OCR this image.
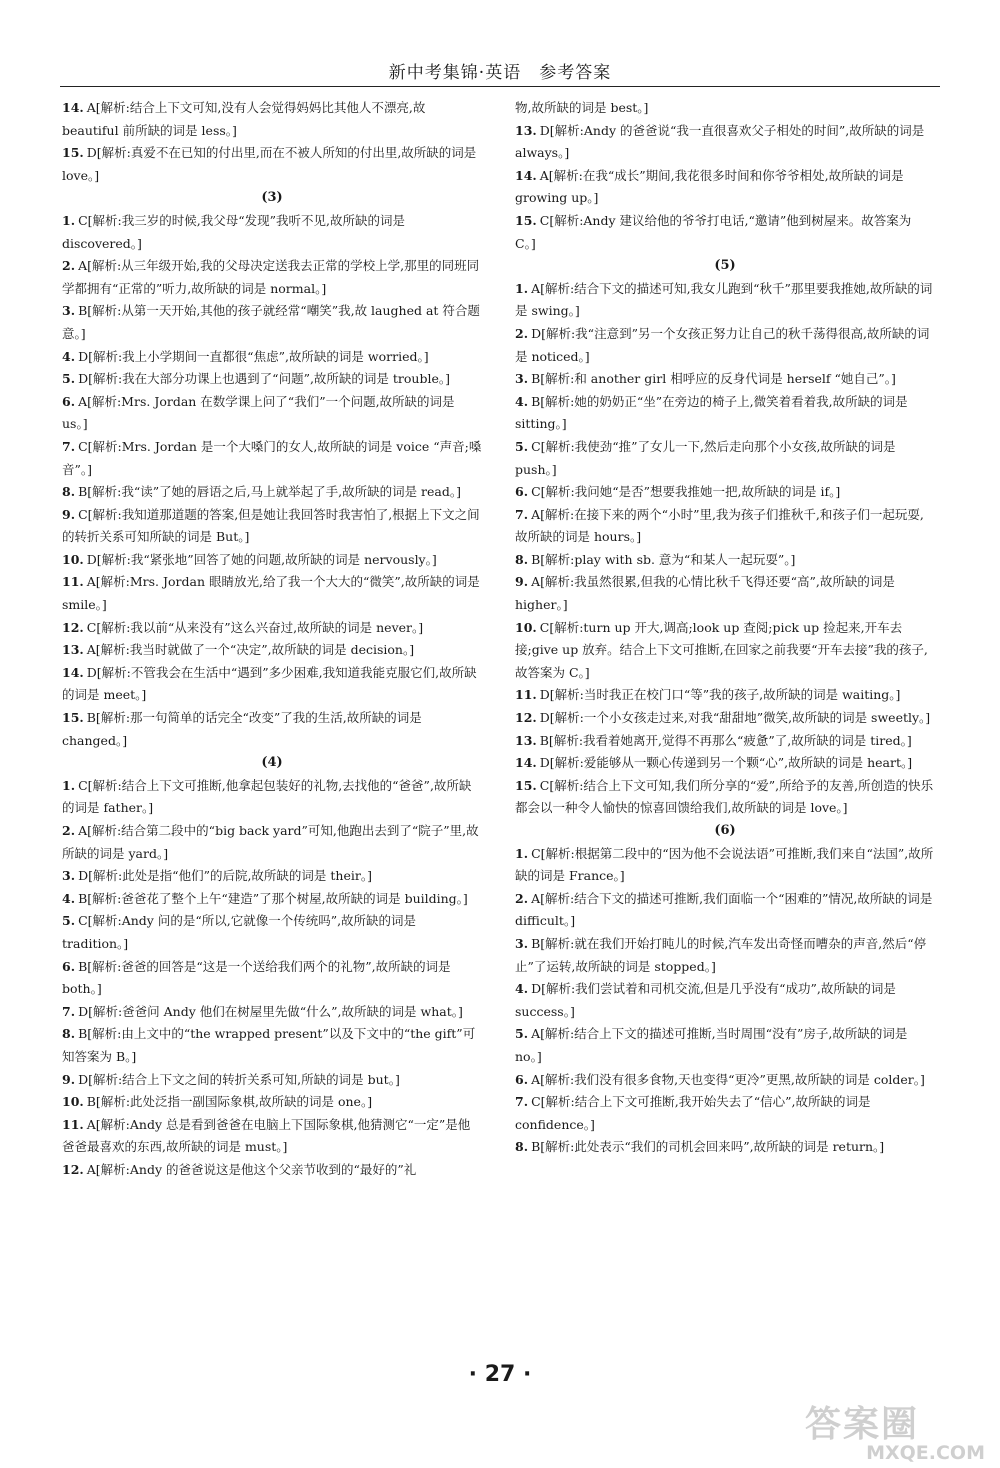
新中考集锦·英语　参考答案

14. A[解析:结合上下文可知,没有人会觉得妈妈比其他人不漂亮,故 beautiful 前所缺的词是 less。]

15. D[解析:真爱不在已知的付出里,而在不被人所知的付出里,故所缺的词是 love。]

(3)

1. C[解析:我三岁的时候,我父母“发现”我听不见,故所缺的词是 discovered。]

2. A[解析:从三年级开始,我的父母决定送我去正常的学校上学,那里的同班同学都拥有“正常的”听力,故所缺的词是 normal。]

3. B[解析:从第一天开始,其他的孩子就经常“嘲笑”我,故 laughed at 符合题意。]

4. D[解析:我上小学期间一直都很“焦虑”,故所缺的词是 worried。]

5. D[解析:我在大部分功课上也遇到了“问题”,故所缺的词是 trouble。]

6. A[解析:Mrs. Jordan 在数学课上问了“我们”一个问题,故所缺的词是 us。]

7. C[解析:Mrs. Jordan 是一个大嗓门的女人,故所缺的词是 voice “声音;嗓音”。]

8. B[解析:我“读”了她的唇语之后,马上就举起了手,故所缺的词是 read。]

9. C[解析:我知道那道题的答案,但是她让我回答时我害怕了,根据上下文之间的转折关系可知所缺的词是 But。]

10. D[解析:我“紧张地”回答了她的问题,故所缺的词是 nervously。]

11. A[解析:Mrs. Jordan 眼睛放光,给了我一个大大的“微笑”,故所缺的词是 smile。]

12. C[解析:我以前“从来没有”这么兴奋过,故所缺的词是 never。]

13. A[解析:我当时就做了一个“决定”,故所缺的词是 decision。]

14. D[解析:不管我会在生活中“遇到”多少困难,我知道我能克服它们,故所缺的词是 meet。]

15. B[解析:那一句简单的话完全“改变”了我的生活,故所缺的词是 changed。]

(4)

1. C[解析:结合上下文可推断,他拿起包装好的礼物,去找他的“爸爸”,故所缺的词是 father。]

2. A[解析:结合第二段中的“big back yard”可知,他跑出去到了“院子”里,故所缺的词是 yard。]

3. D[解析:此处是指“他们”的后院,故所缺的词是 their。]

4. B[解析:爸爸花了整个上午“建造”了那个树屋,故所缺的词是 building。]

5. C[解析:Andy 问的是“所以,它就像一个传统吗”,故所缺的词是 tradition。]

6. B[解析:爸爸的回答是“这是一个送给我们两个的礼物”,故所缺的词是 both。]

7. D[解析:爸爸问 Andy 他们在树屋里先做“什么”,故所缺的词是 what。]

8. B[解析:由上文中的“the wrapped present”以及下文中的“the gift”可知答案为 B。]

9. D[解析:结合上下文之间的转折关系可知,所缺的词是 but。]

10. B[解析:此处泛指一副国际象棋,故所缺的词是 one。]

11. A[解析:Andy 总是看到爸爸在电脑上下国际象棋,他猜测它“一定”是他爸爸最喜欢的东西,故所缺的词是 must。]

12. A[解析:Andy 的爸爸说这是他这个父亲节收到的“最好的”礼

物,故所缺的词是 best。]

13. D[解析:Andy 的爸爸说“我一直很喜欢父子相处的时间”,故所缺的词是 always。]

14. A[解析:在我“成长”期间,我花很多时间和你爷爷相处,故所缺的词是 growing up。]

15. C[解析:Andy 建议给他的爷爷打电话,“邀请”他到树屋来。故答案为 C。]

(5)

1. A[解析:结合下文的描述可知,我女儿跑到“秋千”那里要我推她,故所缺的词是 swing。]

2. D[解析:我“注意到”另一个女孩正努力让自己的秋千荡得很高,故所缺的词是 noticed。]

3. B[解析:和 another girl 相呼应的反身代词是 herself “她自己”。]

4. B[解析:她的奶奶正“坐”在旁边的椅子上,微笑着看着我,故所缺的词是 sitting。]

5. C[解析:我使劲“推”了女儿一下,然后走向那个小女孩,故所缺的词是 push。]

6. C[解析:我问她“是否”想要我推她一把,故所缺的词是 if。]

7. A[解析:在接下来的两个“小时”里,我为孩子们推秋千,和孩子们一起玩耍,故所缺的词是 hours。]

8. B[解析:play with sb. 意为“和某人一起玩耍”。]

9. A[解析:我虽然很累,但我的心情比秋千飞得还要“高”,故所缺的词是 higher。]

10. C[解析:turn up 开大,调高;look up 查阅;pick up 捡起来,开车去接;give up 放弃。结合上下文可推断,在回家之前我要“开车去接”我的孩子,故答案为 C。]

11. D[解析:当时我正在校门口“等”我的孩子,故所缺的词是 waiting。]

12. D[解析:一个小女孩走过来,对我“甜甜地”微笑,故所缺的词是 sweetly。]

13. B[解析:我看着她离开,觉得不再那么“疲惫”了,故所缺的词是 tired。]

14. D[解析:爱能够从一颗心传递到另一个颗“心”,故所缺的词是 heart。]

15. C[解析:结合上下文可知,我们所分享的“爱”,所给予的友善,所创造的快乐都会以一种令人愉快的惊喜回馈给我们,故所缺的词是 love。]

(6)

1. C[解析:根据第二段中的“因为他不会说法语”可推断,我们来自“法国”,故所缺的词是 France。]

2. A[解析:结合下文的描述可推断,我们面临一个“困难的”情况,故所缺的词是 difficult。]

3. B[解析:就在我们开始打盹儿的时候,汽车发出奇怪而嘈杂的声音,然后“停止”了运转,故所缺的词是 stopped。]

4. D[解析:我们尝试着和司机交流,但是几乎没有“成功”,故所缺的词是 success。]

5. A[解析:结合上下文的描述可推断,当时周围“没有”房子,故所缺的词是 no。]

6. A[解析:我们没有很多食物,天也变得“更冷”更黑,故所缺的词是 colder。]

7. C[解析:结合上下文可推断,我开始失去了“信心”,故所缺的词是 confidence。]

8. B[解析:此处表示“我们的司机会回来吗”,故所缺的词是 return。]

· 27 ·
答案圈
MXQE.COM
